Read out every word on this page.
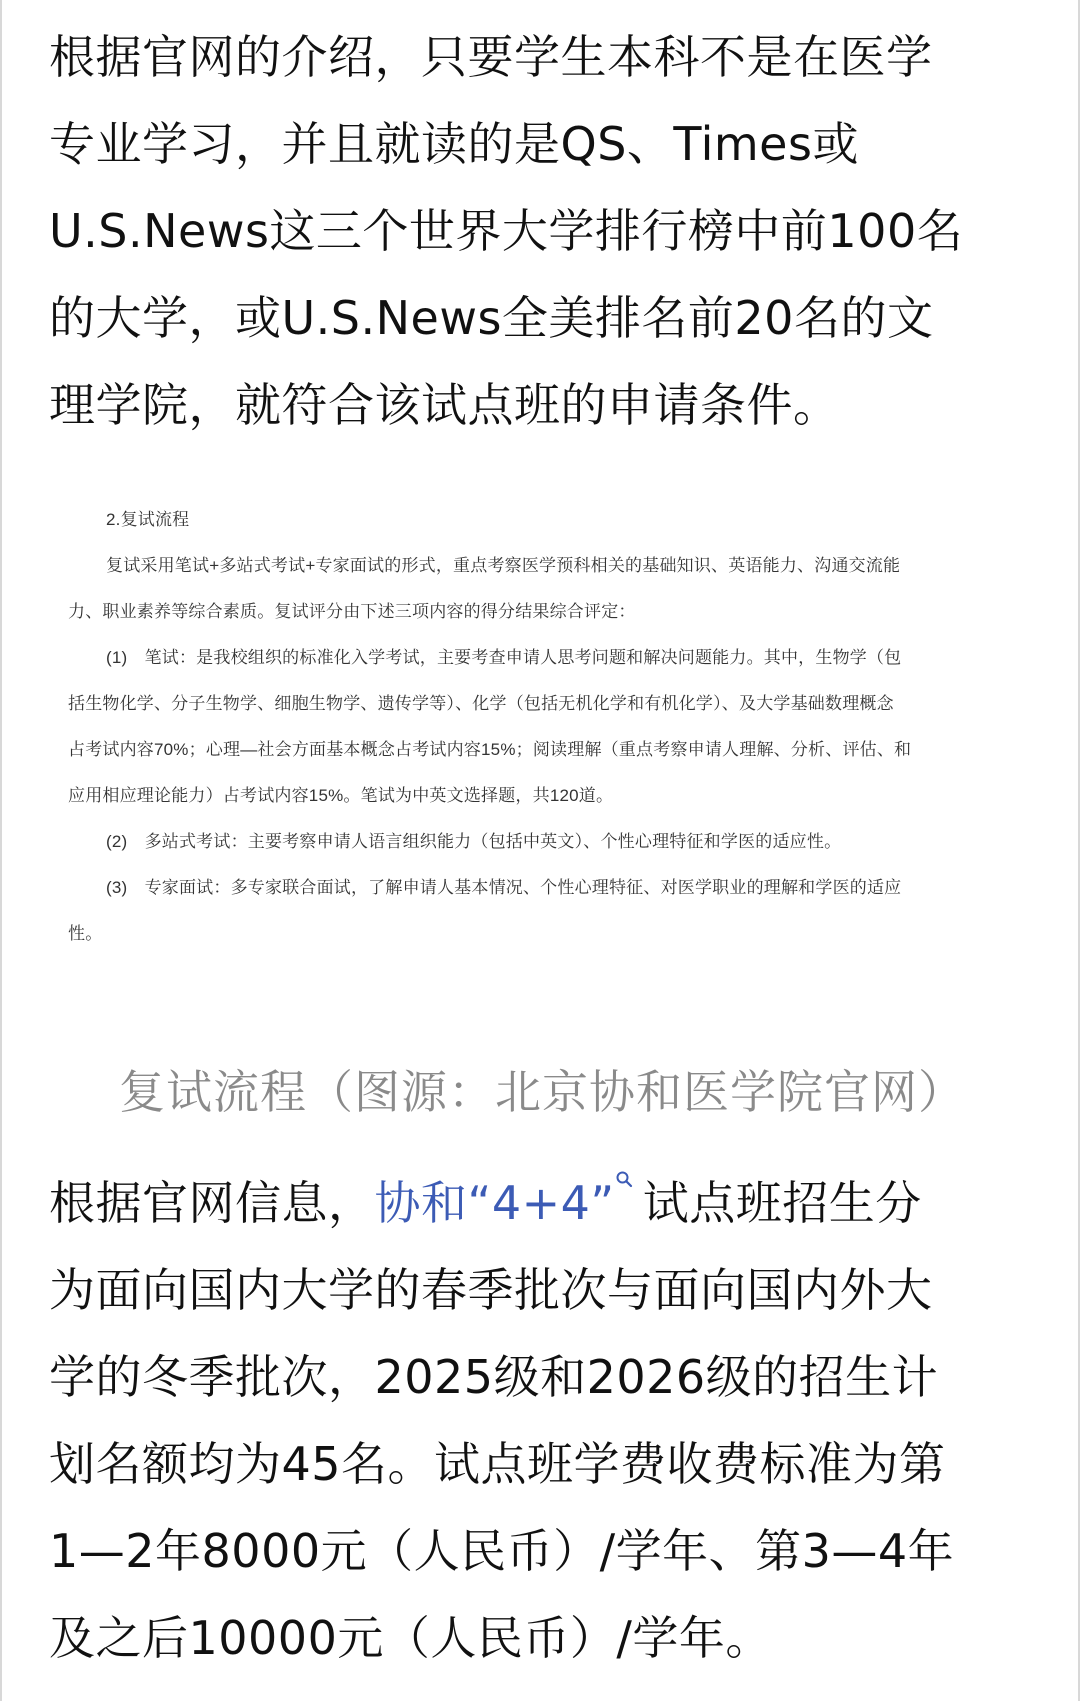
根据官网的介绍，只要学生本科不是在医学
专业学习，并且就读的是QS、Times或
U.S.News这三个世界大学排行榜中前100名
的大学，或U.S.News全美排名前20名的文
理学院，就符合该试点班的申请条件。

2.复试流程
复试采用笔试+多站式考试+专家面试的形式，重点考察医学预科相关的基础知识、英语能力、沟通交流能
力、职业素养等综合素质。复试评分由下述三项内容的得分结果综合评定：
(1)　笔试：是我校组织的标准化入学考试，主要考查申请人思考问题和解决问题能力。其中，生物学（包
括生物化学、分子生物学、细胞生物学、遗传学等）、化学（包括无机化学和有机化学）、及大学基础数理概念
占考试内容70%；心理—社会方面基本概念占考试内容15%；阅读理解（重点考察申请人理解、分析、评估、和
应用相应理论能力）占考试内容15%。笔试为中英文选择题，共120道。
(2)　多站式考试：主要考察申请人语言组织能力（包括中英文）、个性心理特征和学医的适应性。
(3)　专家面试：多专家联合面试，了解申请人基本情况、个性心理特征、对医学职业的理解和学医的适应
性。

复试流程（图源：北京协和医学院官网）

根据官网信息，协和“4+4” 试点班招生分
为面向国内大学的春季批次与面向国内外大
学的冬季批次，2025级和2026级的招生计
划名额均为45名。试点班学费收费标准为第
1—2年8000元（人民币）/学年、第3—4年
及之后10000元（人民币）/学年。
